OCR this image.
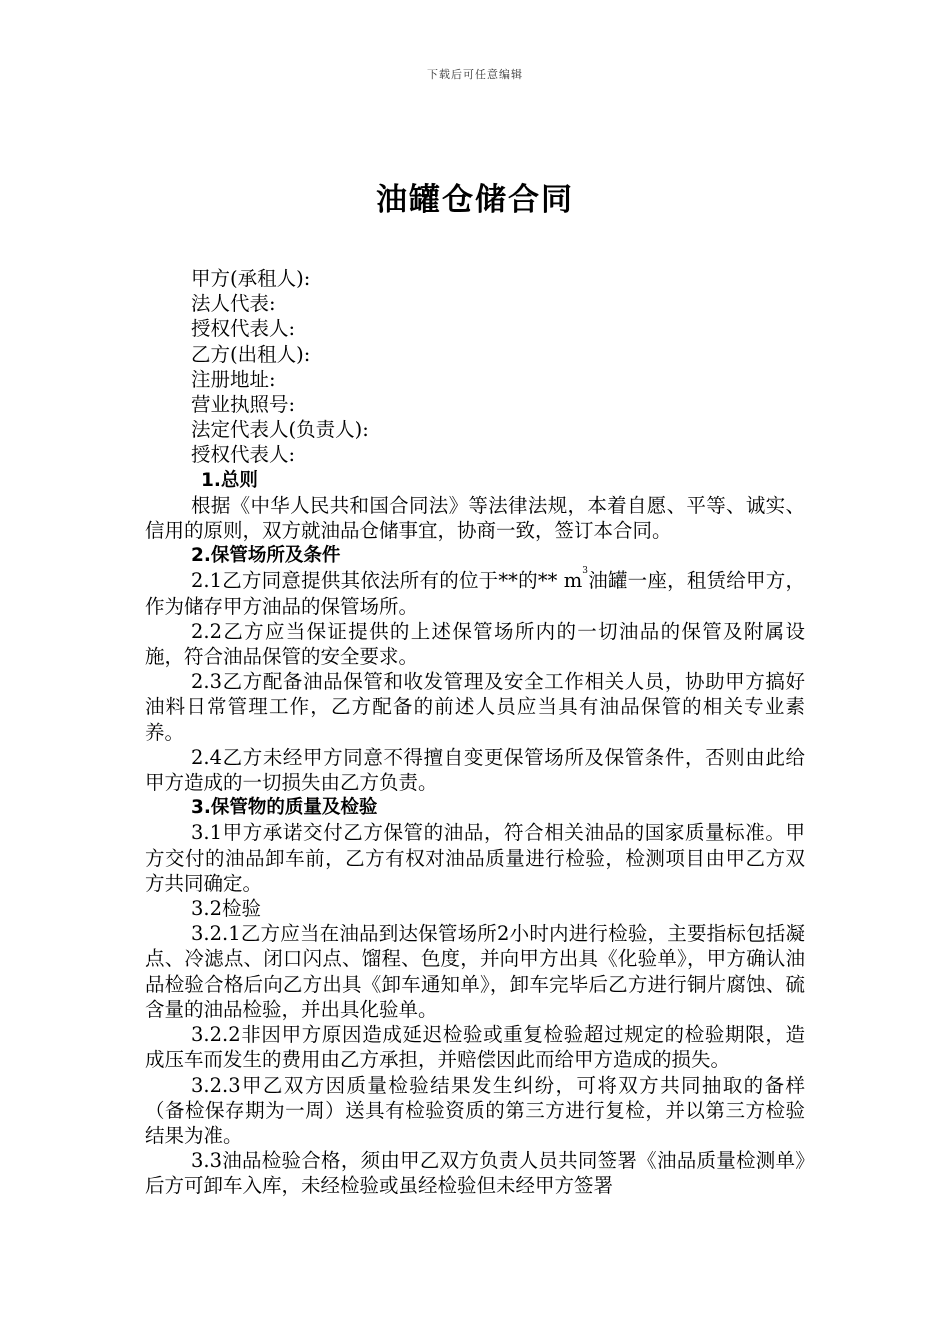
下载后可任意编辑
油罐仓储合同
甲方(承租人):
法人代表:
授权代表人:
乙方(出租人):
注册地址:
营业执照号:
法定代表人(负责人):
授权代表人:
1.总则
根据《中华人民共和国合同法》等法律法规，本着自愿、平等、诚实、信用的原则，双方就油品仓储事宜，协商一致，签订本合同。
2.保管场所及条件
2.1乙方同意提供其依法所有的位于**的** $m^3$油罐一座，租赁给甲方，作为储存甲方油品的保管场所。
2.2乙方应当保证提供的上述保管场所内的一切油品的保管及附属设施，符合油品保管的安全要求。
2.3乙方配备油品保管和收发管理及安全工作相关人员，协助甲方搞好油料日常管理工作，乙方配备的前述人员应当具有油品保管的相关专业素养。
2.4乙方未经甲方同意不得擅自变更保管场所及保管条件，否则由此给甲方造成的一切损失由乙方负责。
3.保管物的质量及检验
3.1甲方承诺交付乙方保管的油品，符合相关油品的国家质量标准。甲方交付的油品卸车前，乙方有权对油品质量进行检验，检测项目由甲乙方双方共同确定。
3.2检验
3.2.1乙方应当在油品到达保管场所2小时内进行检验，主要指标包括凝点、冷滤点、闭口闪点、馏程、色度，并向甲方出具《化验单》，甲方确认油品检验合格后向乙方出具《卸车通知单》，卸车完毕后乙方进行铜片腐蚀、硫含量的油品检验，并出具化验单。
3.2.2非因甲方原因造成延迟检验或重复检验超过规定的检验期限，造成压车而发生的费用由乙方承担，并赔偿因此而给甲方造成的损失。
3.2.3甲乙双方因质量检验结果发生纠纷，可将双方共同抽取的备样（备检保存期为一周）送具有检验资质的第三方进行复检，并以第三方检验结果为准。
3.3油品检验合格，须由甲乙双方负责人员共同签署《油品质量检测单》后方可卸车入库，未经检验或虽经检验但未经甲方签署
